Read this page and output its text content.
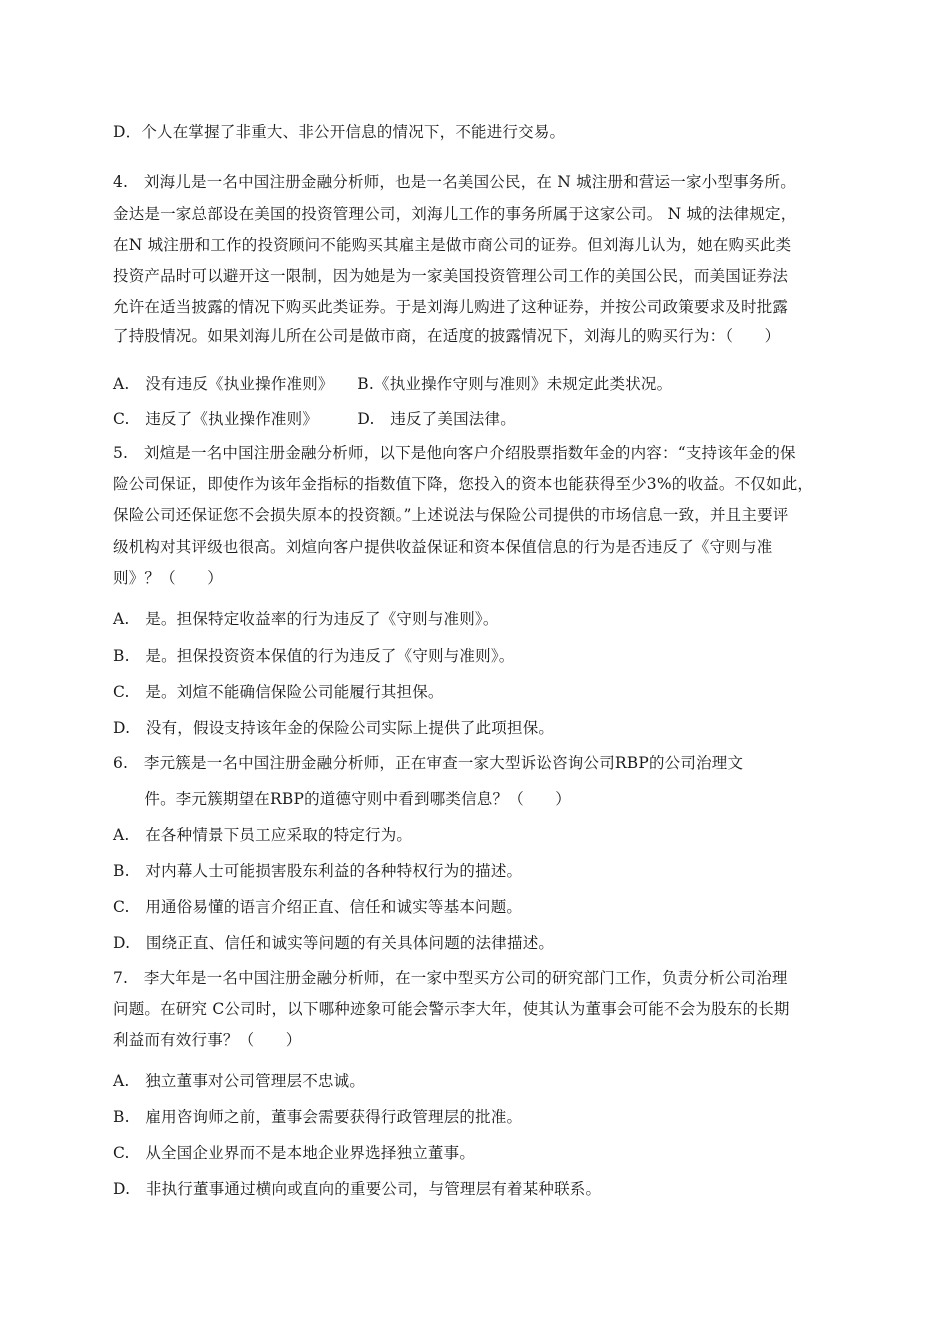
D．个人在掌握了非重大、非公开信息的情况下，不能进行交易。
4.　刘海儿是一名中国注册金融分析师，也是一名美国公民，在 N 城注册和营运一家小型事务所。
金达是一家总部设在美国的投资管理公司，刘海儿工作的事务所属于这家公司。 N 城的法律规定，
在N 城注册和工作的投资顾问不能购买其雇主是做市商公司的证券。但刘海儿认为，她在购买此类
投资产品时可以避开这一限制，因为她是为一家美国投资管理公司工作的美国公民，而美国证券法
允许在适当披露的情况下购买此类证券。于是刘海儿购进了这种证券，并按公司政策要求及时批露
了持股情况。如果刘海儿所在公司是做市商，在适度的披露情况下，刘海儿的购买行为：（　　）
A.　没有违反《执业操作准则》　　B.《执业操作守则与准则》未规定此类状况。
C.　违反了《执业操作准则》　　　D.　违反了美国法律。
5.　刘煊是一名中国注册金融分析师，以下是他向客户介绍股票指数年金的内容：“支持该年金的保
险公司保证，即使作为该年金指标的指数值下降，您投入的资本也能获得至少3%的收益。不仅如此，
保险公司还保证您不会损失原本的投资额。”上述说法与保险公司提供的市场信息一致，并且主要评
级机构对其评级也很高。刘煊向客户提供收益保证和资本保值信息的行为是否违反了《守则与准
则》？（　　）
A.　是。担保特定收益率的行为违反了《守则与准则》。
B.　是。担保投资资本保值的行为违反了《守则与准则》。
C.　是。刘煊不能确信保险公司能履行其担保。
D.　没有，假设支持该年金的保险公司实际上提供了此项担保。
6.　李元簇是一名中国注册金融分析师，正在审查一家大型诉讼咨询公司RBP的公司治理文
　　件。李元簇期望在RBP的道德守则中看到哪类信息？（　　）
A.　在各种情景下员工应采取的特定行为。
B.　对内幕人士可能损害股东利益的各种特权行为的描述。
C.　用通俗易懂的语言介绍正直、信任和诚实等基本问题。
D.　围绕正直、信任和诚实等问题的有关具体问题的法律描述。
7.　李大年是一名中国注册金融分析师，在一家中型买方公司的研究部门工作，负责分析公司治理
问题。在研究 C公司时，以下哪种迹象可能会警示李大年，使其认为董事会可能不会为股东的长期
利益而有效行事？（　　）
A.　独立董事对公司管理层不忠诚。
B.　雇用咨询师之前，董事会需要获得行政管理层的批准。
C.　从全国企业界而不是本地企业界选择独立董事。
D.　非执行董事通过横向或直向的重要公司，与管理层有着某种联系。
